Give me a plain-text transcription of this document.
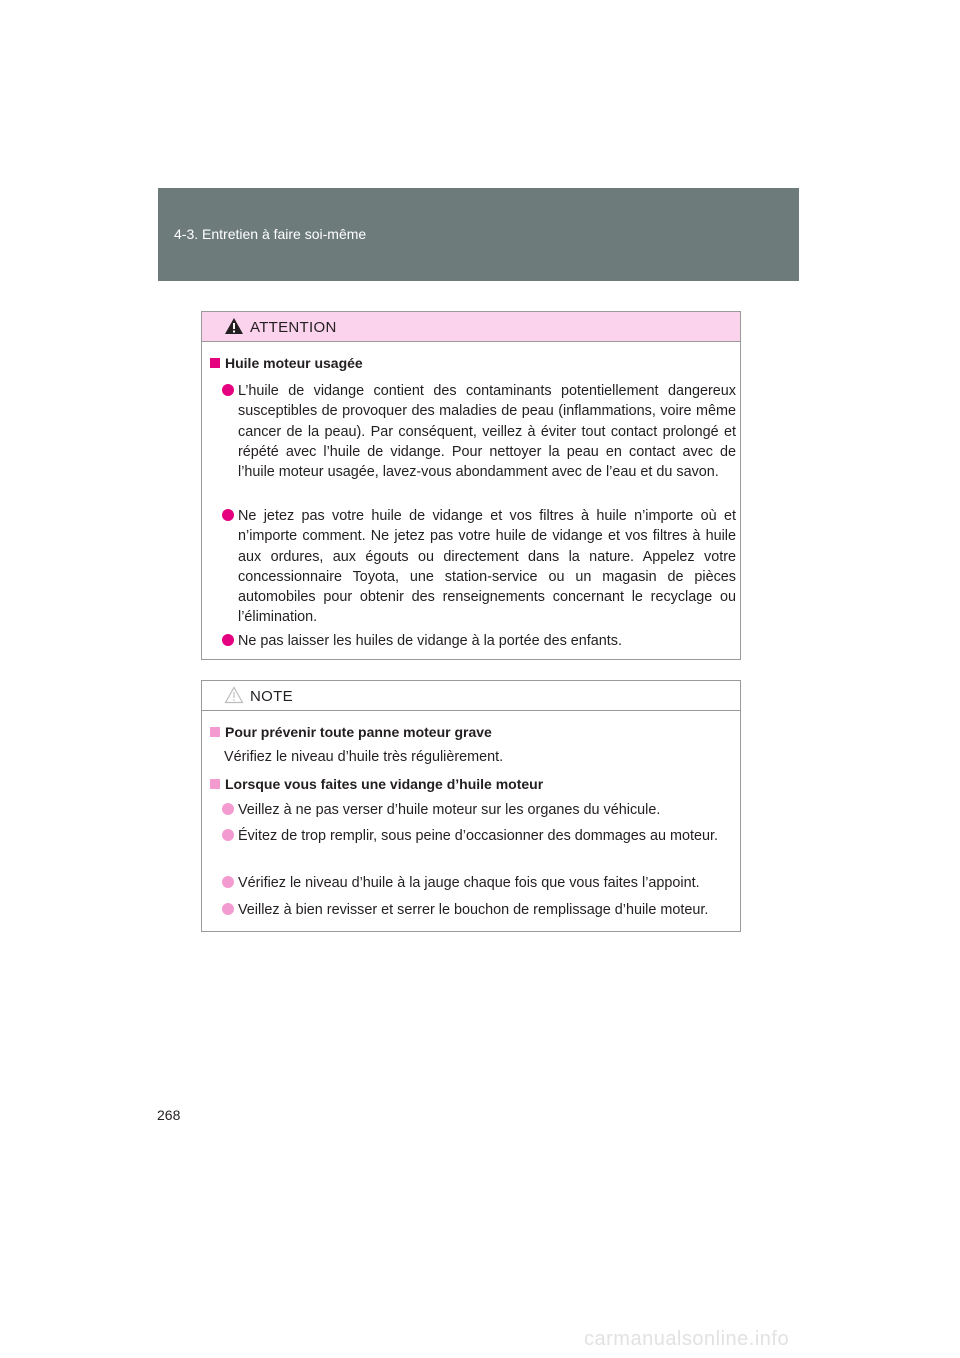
4-3. Entretien à faire soi-même
ATTENTION
Huile moteur usagée
L’huile de vidange contient des contaminants potentiellement dangereux susceptibles de provoquer des maladies de peau (inflammations, voire même cancer de la peau). Par conséquent, veillez à éviter tout contact prolongé et répété avec l’huile de vidange. Pour nettoyer la peau en contact avec de l’huile moteur usagée, lavez-vous abondamment avec de l’eau et du savon.
Ne jetez pas votre huile de vidange et vos filtres à huile n’importe où et n’importe comment. Ne jetez pas votre huile de vidange et vos filtres à huile aux ordures, aux égouts ou directement dans la nature. Appelez votre concessionnaire Toyota, une station-service ou un magasin de pièces automobiles pour obtenir des renseignements concernant le recyclage ou l’élimination.
Ne pas laisser les huiles de vidange à la portée des enfants.
NOTE
Pour prévenir toute panne moteur grave
Vérifiez le niveau d’huile très régulièrement.
Lorsque vous faites une vidange d’huile moteur
Veillez à ne pas verser d’huile moteur sur les organes du véhicule.
Évitez de trop remplir, sous peine d’occasionner des dommages au moteur.
Vérifiez le niveau d’huile à la jauge chaque fois que vous faites l’appoint.
Veillez à bien revisser et serrer le bouchon de remplissage d’huile moteur.
268
carmanualsonline.info
